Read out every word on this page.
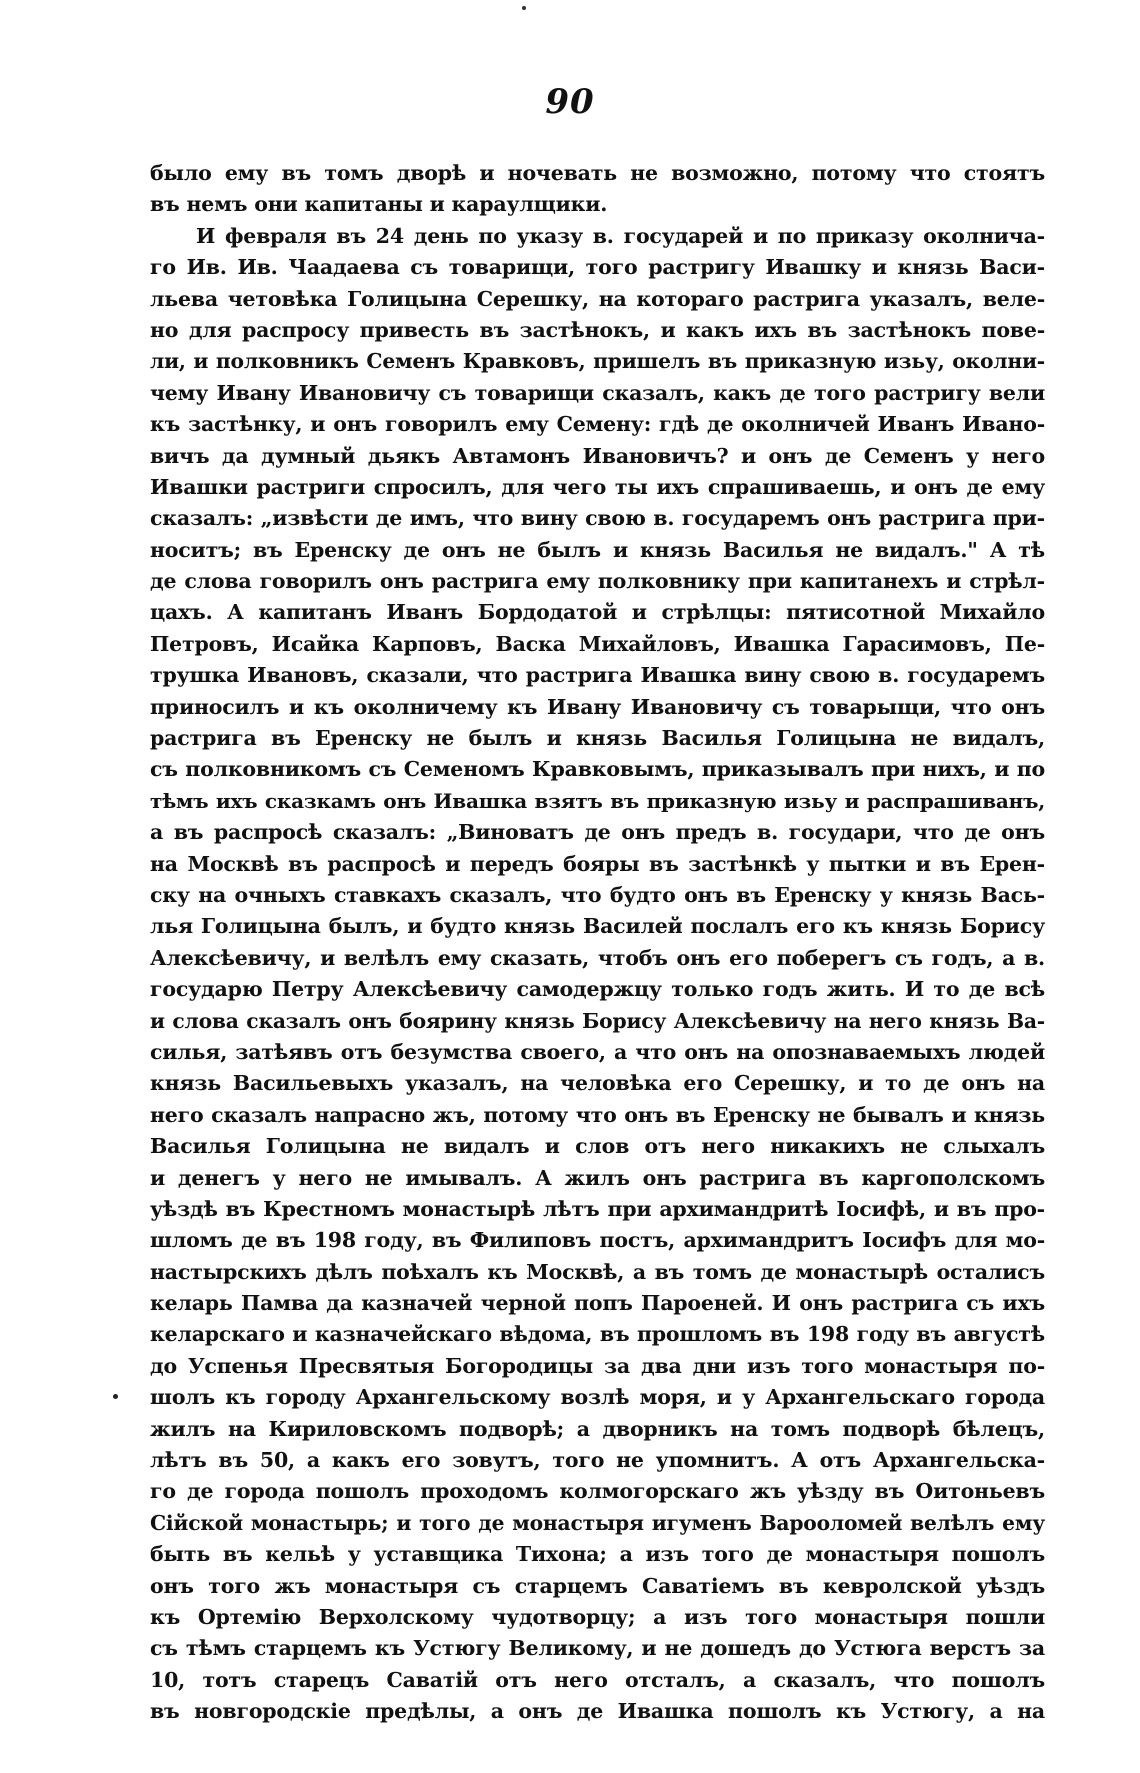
90
было ему въ томъ дворѣ и ночевать не возможно, потому что стоятъ
въ немъ они капитаны и караулщики.
И февраля въ 24 день по указу в. государей и по приказу околнича-
го Ив. Ив. Чаадаева съ товарищи, того растригу Ивашку и князь Васи-
льева четовѣка Голицына Серешку, на котораго растрига указалъ, веле-
но для распросу привесть въ застѣнокъ, и какъ ихъ въ застѣнокъ пове-
ли, и полковникъ Семенъ Кравковъ, пришелъ въ приказную изьу, околни-
чему Ивану Ивановичу съ товарищи сказалъ, какъ де того растригу вели
къ застѣнку, и онъ говорилъ ему Семену: гдѣ де околничей Иванъ Ивано-
вичъ да думный дьякъ Автамонъ Ивановичъ? и онъ де Семенъ у него
Ивашки растриги спросилъ, для чего ты ихъ спрашиваешь, и онъ де ему
сказалъ: „извѣсти де имъ, что вину свою в. государемъ онъ растрига при-
носитъ; въ Еренску де онъ не былъ и князь Василья не видалъ." А тѣ
де слова говорилъ онъ растрига ему полковнику при капитанехъ и стрѣл-
цахъ. А капитанъ Иванъ Бордодатой и стрѣлцы: пятисотной Михайло
Петровъ, Исайка Карповъ, Васка Михайловъ, Ивашка Гарасимовъ, Пе-
трушка Ивановъ, сказали, что растрига Ивашка вину свою в. государемъ
приносилъ и къ околничему къ Ивану Ивановичу съ товарыщи, что онъ
растрига въ Еренску не былъ и князь Василья Голицына не видалъ,
съ полковникомъ съ Семеномъ Кравковымъ, приказывалъ при нихъ, и по
тѣмъ ихъ сказкамъ онъ Ивашка взятъ въ приказную изьу и распрашиванъ,
а въ распросѣ сказалъ: „Виноватъ де онъ предъ в. государи, что де онъ
на Москвѣ въ распросѣ и передъ бояры въ застѣнкѣ у пытки и въ Ерен-
ску на очныхъ ставкахъ сказалъ, что будто онъ въ Еренску у князь Вась-
лья Голицына былъ, и будто князь Василей послалъ его къ князь Борису
Алексѣевичу, и велѣлъ ему сказать, чтобъ онъ его поберегъ съ годъ, а в.
государю Петру Алексѣевичу самодержцу только годъ жить. И то де всѣ
и слова сказалъ онъ боярину князь Борису Алексѣевичу на него князь Ва-
силья, затѣявъ отъ безумства своего, а что онъ на опознаваемыхъ людей
князь Васильевыхъ указалъ, на человѣка его Серешку, и то де онъ на
него сказалъ напрасно жъ, потому что онъ въ Еренску не бывалъ и князь
Василья Голицына не видалъ и слов отъ него никакихъ не слыхалъ
и денегъ у него не имывалъ. А жилъ онъ растрига въ каргополскомъ
уѣздѣ въ Крестномъ монастырѣ лѣтъ при архимандритѣ Іосифѣ, и въ про-
шломъ де въ 198 году, въ Филиповъ постъ, архимандритъ Іосифъ для мо-
настырскихъ дѣлъ поѣхалъ къ Москвѣ, а въ томъ де монастырѣ осталисъ
келарь Памва да казначей черной попъ Пароеней. И онъ растрига съ ихъ
келарскаго и казначейскаго вѣдома, въ прошломъ въ 198 году въ августѣ
до Успенья Пресвятыя Богородицы за два дни изъ того монастыря по-
шолъ къ городу Архангельскому возлѣ моря, и у Архангельскаго города
жилъ на Кириловскомъ подворѣ; а дворникъ на томъ подворѣ бѣлецъ,
лѣтъ въ 50, а какъ его зовутъ, того не упомнитъ. А отъ Архангельска-
го де города пошолъ проходомъ колмогорскаго жъ уѣзду въ Оитоньевъ
Сійской монастырь; и того де монастыря игуменъ Варооломей велѣлъ ему
быть въ кельѣ у уставщика Тихона; а изъ того де монастыря пошолъ
онъ того жъ монастыря съ старцемъ Саватіемъ въ кевролской уѣздъ
къ Ортемію Верхолскому чудотворцу; а изъ того монастыря пошли
съ тѣмъ старцемъ къ Устюгу Великому, и не дошедъ до Устюга верстъ за
10, тотъ старецъ Саватій отъ него отсталъ, а сказалъ, что пошолъ
въ новгородскіе предѣлы, а онъ де Ивашка пошолъ къ Устюгу, а на
